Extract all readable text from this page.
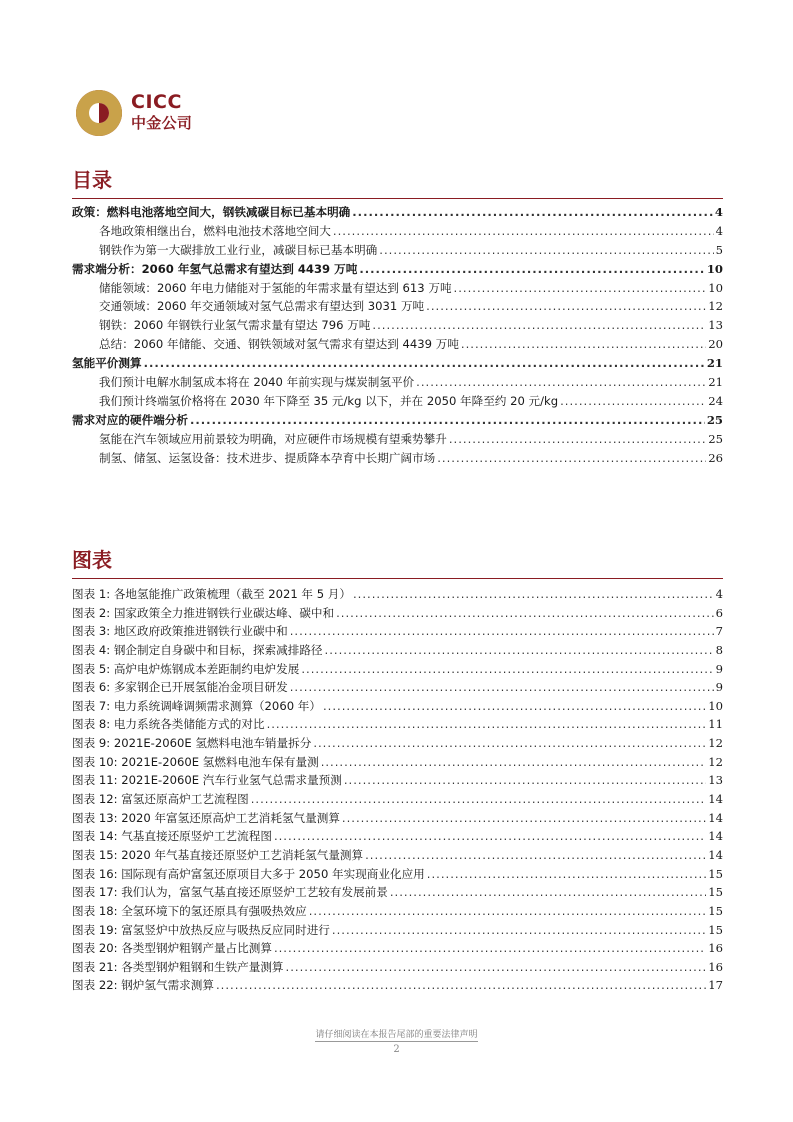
CICC
中金公司
目录
政策：燃料电池落地空间大，钢铁减碳目标已基本明确 .....	4
各地政策相继出台，燃料电池技术落地空间大 .....	4
钢铁作为第一大碳排放工业行业，减碳目标已基本明确 .....	5
需求端分析：2060 年氢气总需求有望达到 4439 万吨 .....	10
储能领域：2060 年电力储能对于氢能的年需求量有望达到 613 万吨 .....	10
交通领域：2060 年交通领域对氢气总需求有望达到 3031 万吨 .....	12
钢铁：2060 年钢铁行业氢气需求量有望达 796 万吨 .....	13
总结：2060 年储能、交通、钢铁领域对氢气需求有望达到 4439 万吨 .....	20
氢能平价测算 .....	21
我们预计电解水制氢成本将在 2040 年前实现与煤炭制氢平价 .....	21
我们预计终端氢价格将在 2030 年下降至 35 元/kg 以下，并在 2050 年降至约 20 元/kg .....	24
需求对应的硬件端分析 .....	25
氢能在汽车领域应用前景较为明确，对应硬件市场规模有望乘势攀升 .....	25
制氢、储氢、运氢设备：技术进步、提质降本孕育中长期广阔市场 .....	26
图表
图表 1: 各地氢能推广政策梳理（截至 2021 年 5 月） .....	4
图表 2: 国家政策全力推进钢铁行业碳达峰、碳中和 .....	6
图表 3: 地区政府政策推进钢铁行业碳中和 .....	7
图表 4: 钢企制定自身碳中和目标，探索减排路径 .....	8
图表 5: 高炉电炉炼钢成本差距制约电炉发展 .....	9
图表 6: 多家钢企已开展氢能冶金项目研发 .....	9
图表 7: 电力系统调峰调频需求测算（2060 年） .....	10
图表 8: 电力系统各类储能方式的对比 .....	11
图表 9: 2021E-2060E 氢燃料电池车销量拆分 .....	12
图表 10: 2021E-2060E 氢燃料电池车保有量测 .....	12
图表 11: 2021E-2060E 汽车行业氢气总需求量预测 .....	13
图表 12: 富氢还原高炉工艺流程图 .....	14
图表 13: 2020 年富氢还原高炉工艺消耗氢气量测算 .....	14
图表 14: 气基直接还原竖炉工艺流程图 .....	14
图表 15: 2020 年气基直接还原竖炉工艺消耗氢气量测算 .....	14
图表 16: 国际现有高炉富氢还原项目大多于 2050 年实现商业化应用 .....	15
图表 17: 我们认为，富氢气基直接还原竖炉工艺较有发展前景 .....	15
图表 18: 全氢环境下的氢还原具有强吸热效应 .....	15
图表 19: 富氢竖炉中放热反应与吸热反应同时进行 .....	15
图表 20: 各类型钢炉粗钢产量占比测算 .....	16
图表 21: 各类型钢炉粗钢和生铁产量测算 .....	16
图表 22: 钢炉氢气需求测算 .....	17
请仔细阅读在本报告尾部的重要法律声明
2
